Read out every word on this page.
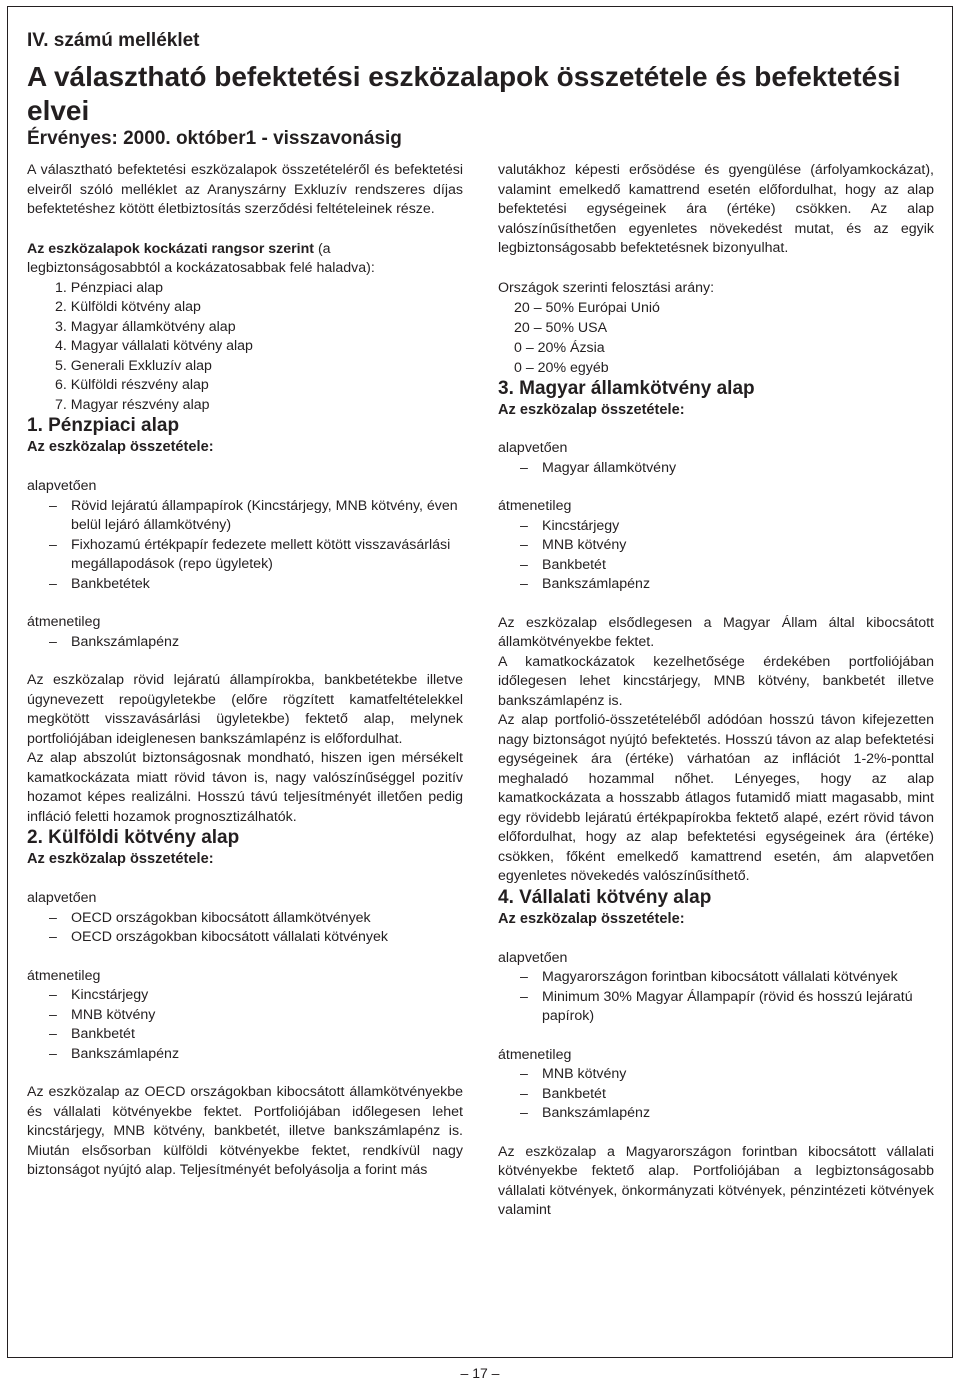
IV. számú melléklet

A választható befektetési eszközalapok összetétele és befektetési elvei

Érvényes: 2000. október1 - visszavonásig

A választható befektetési eszközalapok összetételéről és befektetési elveiről szóló melléklet az Aranyszárny Exkluzív rendszeres díjas befektetéshez kötött életbiztosítás szerződési feltételeinek része.

Az eszközalapok kockázati rangsor szerint (a legbiztonságosabbtól a kockázatosabbak felé haladva):

1. Pénzpiaci alap
2. Külföldi kötvény alap
3. Magyar államkötvény alap
4. Magyar vállalati kötvény alap
5. Generali Exkluzív alap
6. Külföldi részvény alap
7. Magyar részvény alap
1. Pénzpiaci alap
Az eszközalap összetétele:

alapvetően

– Rövid lejáratú állampapírok (Kincstárjegy, MNB kötvény, éven belül lejáró államkötvény)
– Fixhozamú értékpapír fedezete mellett kötött visszavásárlási megállapodások (repo ügyletek)
– Bankbetétek

átmenetileg

– Bankszámlapénz

Az eszközalap rövid lejáratú állampírokba, bankbetétekbe illetve úgynevezett repoügyletekbe (előre rögzített kamatfeltételekkel megkötött visszavásárlási ügyletekbe) fektető alap, melynek portfoliójában ideiglenesen bankszámlapénz is előfordulhat.

Az alap abszolút biztonságosnak mondható, hiszen igen mérsékelt kamatkockázata miatt rövid távon is, nagy valószínűséggel pozitív hozamot képes realizálni. Hosszú távú teljesítményét illetően pedig infláció feletti hozamok prognosztizálhatók.

2. Külföldi kötvény alap
Az eszközalap összetétele:

alapvetően

– OECD országokban kibocsátott államkötvények
– OECD országokban kibocsátott vállalati kötvények

átmenetileg

– Kincstárjegy
– MNB kötvény
– Bankbetét
– Bankszámlapénz

Az eszközalap az OECD országokban kibocsátott államkötvényekbe és vállalati kötvényekbe fektet. Portfoliójában időlegesen lehet kincstárjegy, MNB kötvény, bankbetét, illetve bankszámlapénz is. Miután elsősorban külföldi kötvényekbe fektet, rendkívül nagy biztonságot nyújtó alap. Teljesítményét befolyásolja a forint más

valutákhoz képesti erősödése és gyengülése (árfolyamkockázat), valamint emelkedő kamattrend esetén előfordulhat, hogy az alap befektetési egységeinek ára (értéke) csökken. Az alap valószínűsíthetően egyenletes növekedést mutat, és az egyik legbiztonságosabb befektetésnek bizonyulhat.

Országok szerinti felosztási arány:

20 – 50% Európai Unió
20 – 50% USA
0 – 20% Ázsia
0 – 20% egyéb
3. Magyar államkötvény alap
Az eszközalap összetétele:

alapvetően

– Magyar államkötvény

átmenetileg

– Kincstárjegy
– MNB kötvény
– Bankbetét
– Bankszámlapénz

Az eszközalap elsődlegesen a Magyar Állam által kibocsátott államkötvényekbe fektet.

A kamatkockázatok kezelhetősége érdekében portfoliójában időlegesen lehet kincstárjegy, MNB kötvény, bankbetét illetve bankszámlapénz is.

Az alap portfolió-összetételéből adódóan hosszú távon kifejezetten nagy biztonságot nyújtó befektetés. Hosszú távon az alap befektetési egységeinek ára (értéke) várhatóan az inflációt 1-2%-ponttal meghaladó hozammal nőhet. Lényeges, hogy az alap kamatkockázata a hosszabb átlagos futamidő miatt magasabb, mint egy rövidebb lejáratú értékpapírokba fektető alapé, ezért rövid távon előfordulhat, hogy az alap befektetési egységeinek ára (értéke) csökken, főként emelkedő kamattrend esetén, ám alapvetően egyenletes növekedés valószínűsíthető.

4. Vállalati kötvény alap
Az eszközalap összetétele:

alapvetően

– Magyarországon forintban kibocsátott vállalati kötvények
– Minimum 30% Magyar Állampapír (rövid és hosszú lejáratú papírok)

átmenetileg

– MNB kötvény
– Bankbetét
– Bankszámlapénz

Az eszközalap a Magyarországon forintban kibocsátott vállalati kötvényekbe fektető alap. Portfoliójában a legbiztonságosabb vállalati kötvények, önkormányzati kötvények, pénzintézeti kötvények valamint

– 17 –
